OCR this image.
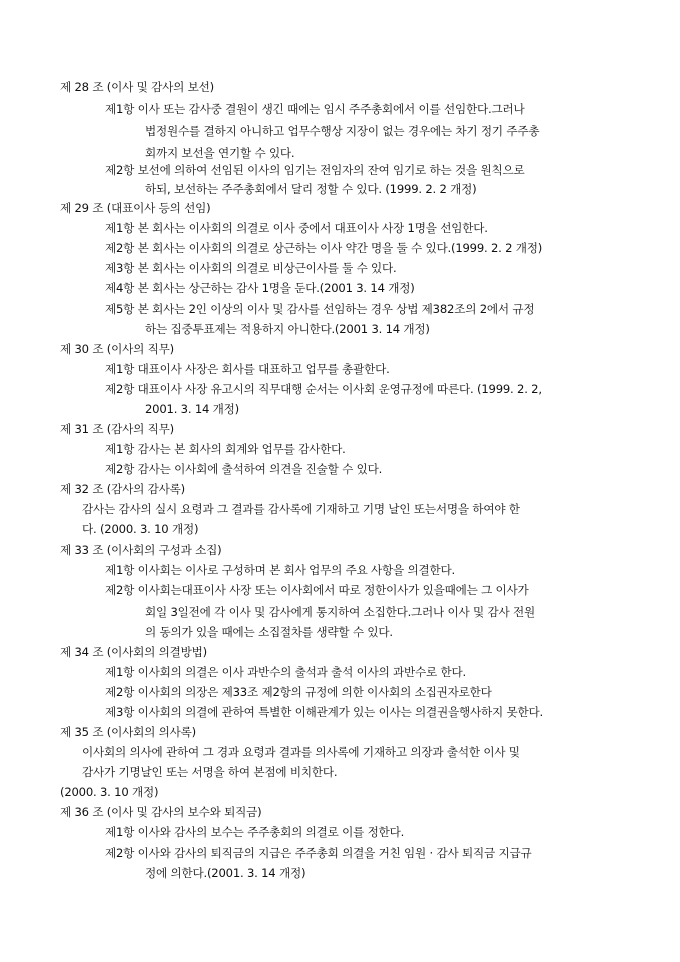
제 28 조 (이사 및 감사의 보선)
제1항 이사 또는 감사중 결원이 생긴 때에는 임시 주주총회에서 이를 선임한다.그러나
법정원수를 결하지 아니하고 업무수행상 지장이 없는 경우에는 차기 정기 주주총
회까지 보선을 연기할 수 있다.
제2항 보선에 의하여 선임된 이사의 임기는 전임자의 잔여 임기로 하는 것을 원칙으로
하되, 보선하는 주주총회에서 달리 정할 수 있다. (1999. 2. 2 개정)
제 29 조 (대표이사 등의 선임)
제1항 본 회사는 이사회의 의결로 이사 중에서 대표이사 사장 1명을 선임한다.
제2항 본 회사는 이사회의 의결로 상근하는 이사 약간 명을 둘 수 있다.(1999. 2. 2 개정)
제3항 본 회사는 이사회의 의결로 비상근이사를 둘 수 있다.
제4항 본 회사는 상근하는 감사 1명을 둔다.(2001 3. 14 개정)
제5항 본 회사는 2인 이상의 이사 및 감사를 선임하는 경우 상법 제382조의 2에서 규정
하는 집중투표제는 적용하지 아니한다.(2001 3. 14 개정)
제 30 조 (이사의 직무)
제1항 대표이사 사장은 회사를 대표하고 업무를 총괄한다.
제2항 대표이사 사장 유고시의 직무대행 순서는 이사회 운영규정에 따른다. (1999. 2. 2,
2001. 3. 14 개정)
제 31 조 (감사의 직무)
제1항 감사는 본 회사의 회계와 업무를 감사한다.
제2항 감사는 이사회에 출석하여 의견을 진술할 수 있다.
제 32 조 (감사의 감사록)
감사는 감사의 실시 요령과 그 결과를 감사록에 기재하고 기명 날인 또는서명을 하여야 한
다. (2000. 3. 10 개정)
제 33 조 (이사회의 구성과 소집)
제1항 이사회는 이사로 구성하며 본 회사 업무의 주요 사항을 의결한다.
제2항 이사회는대표이사 사장 또는 이사회에서 따로 정한이사가 있을때에는 그 이사가
회일 3일전에 각 이사 및 감사에게 통지하여 소집한다.그러나 이사 및 감사 전원
의 동의가 있을 때에는 소집절차를 생략할 수 있다.
제 34 조 (이사회의 의결방법)
제1항 이사회의 의결은 이사 과반수의 출석과 출석 이사의 과반수로 한다.
제2항 이사회의 의장은 제33조 제2항의 규정에 의한 이사회의 소집권자로한다
제3항 이사회의 의결에 관하여 특별한 이해관계가 있는 이사는 의결권을행사하지 못한다.
제 35 조 (이사회의 의사록)
이사회의 의사에 관하여 그 경과 요령과 결과를 의사록에 기재하고 의장과 출석한 이사 및
감사가 기명날인 또는 서명을 하여 본점에 비치한다.
(2000. 3. 10 개정)
제 36 조 (이사 및 감사의 보수와 퇴직금)
제1항 이사와 감사의 보수는 주주총회의 의결로 이를 정한다.
제2항 이사와 감사의 퇴직금의 지급은 주주총회 의결을 거친 임원 · 감사 퇴직금 지급규
정에 의한다.(2001. 3. 14 개정)
